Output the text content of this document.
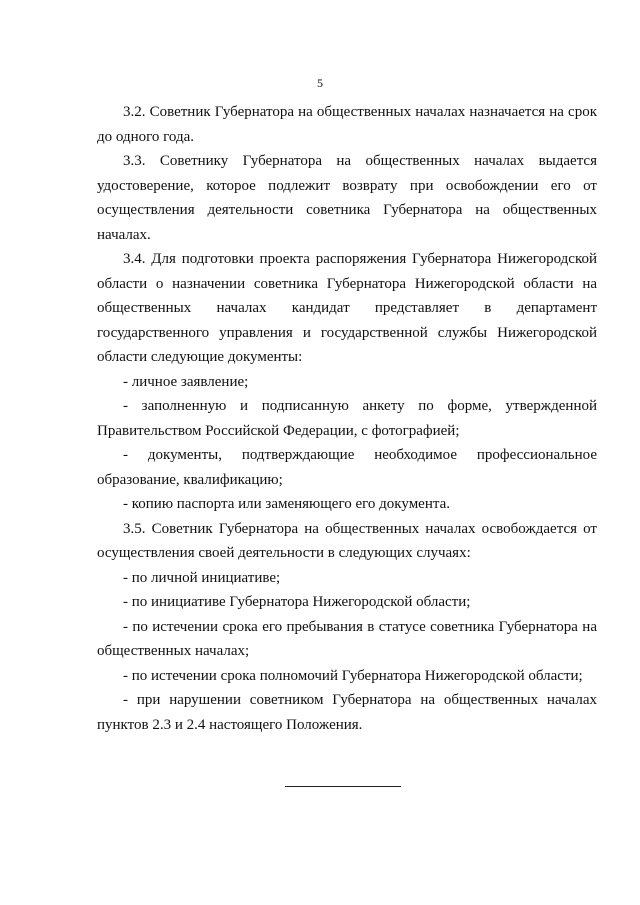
5

3.2. Советник Губернатора на общественных началах назначается на срок до одного года.

3.3. Советнику Губернатора на общественных началах выдается удостоверение, которое подлежит возврату при освобождении его от осуществления деятельности советника Губернатора на общественных началах.

3.4. Для подготовки проекта распоряжения Губернатора Нижегородской области о назначении советника Губернатора Нижегородской области на общественных началах кандидат представляет в департамент государственного управления и государственной службы Нижегородской области следующие документы:

- личное заявление;

- заполненную и подписанную анкету по форме, утвержденной Правительством Российской Федерации, с фотографией;

- документы, подтверждающие необходимое профессиональное образование, квалификацию;

- копию паспорта или заменяющего его документа.

3.5. Советник Губернатора на общественных началах освобождается от осуществления своей деятельности в следующих случаях:

- по личной инициативе;

- по инициативе Губернатора Нижегородской области;

- по истечении срока его пребывания в статусе советника Губернатора на общественных началах;

- по истечении срока полномочий Губернатора Нижегородской области;

- при нарушении советником Губернатора на общественных началах пунктов 2.3 и 2.4 настоящего Положения.
